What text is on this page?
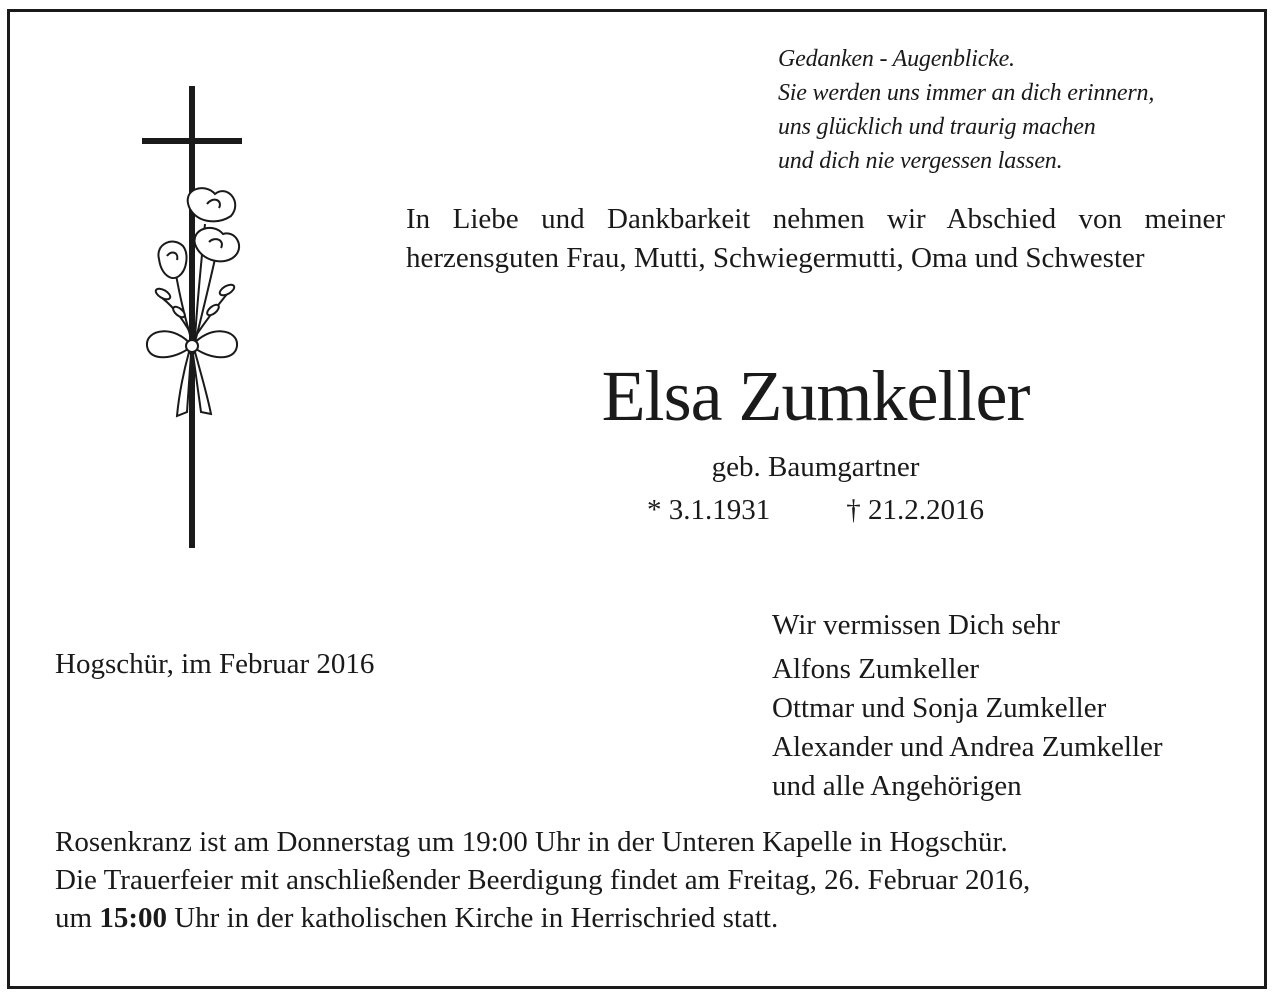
Gedanken - Augenblicke.
Sie werden uns immer an dich erinnern,
uns glücklich und traurig machen
und dich nie vergessen lassen.
In Liebe und Dankbarkeit nehmen wir Abschied von meiner herzensguten Frau, Mutti, Schwiegermutti, Oma und Schwester
Elsa Zumkeller
geb. Baumgartner
* 3.1.1931	† 21.2.2016
Hogschür, im Februar 2016
Wir vermissen Dich sehr
Alfons Zumkeller
Ottmar und Sonja Zumkeller
Alexander und Andrea Zumkeller
und alle Angehörigen
Rosenkranz ist am Donnerstag um 19:00 Uhr in der Unteren Kapelle in Hogschür.
Die Trauerfeier mit anschließender Beerdigung findet am Freitag, 26. Februar 2016,
um 15:00 Uhr in der katholischen Kirche in Herrischried statt.
